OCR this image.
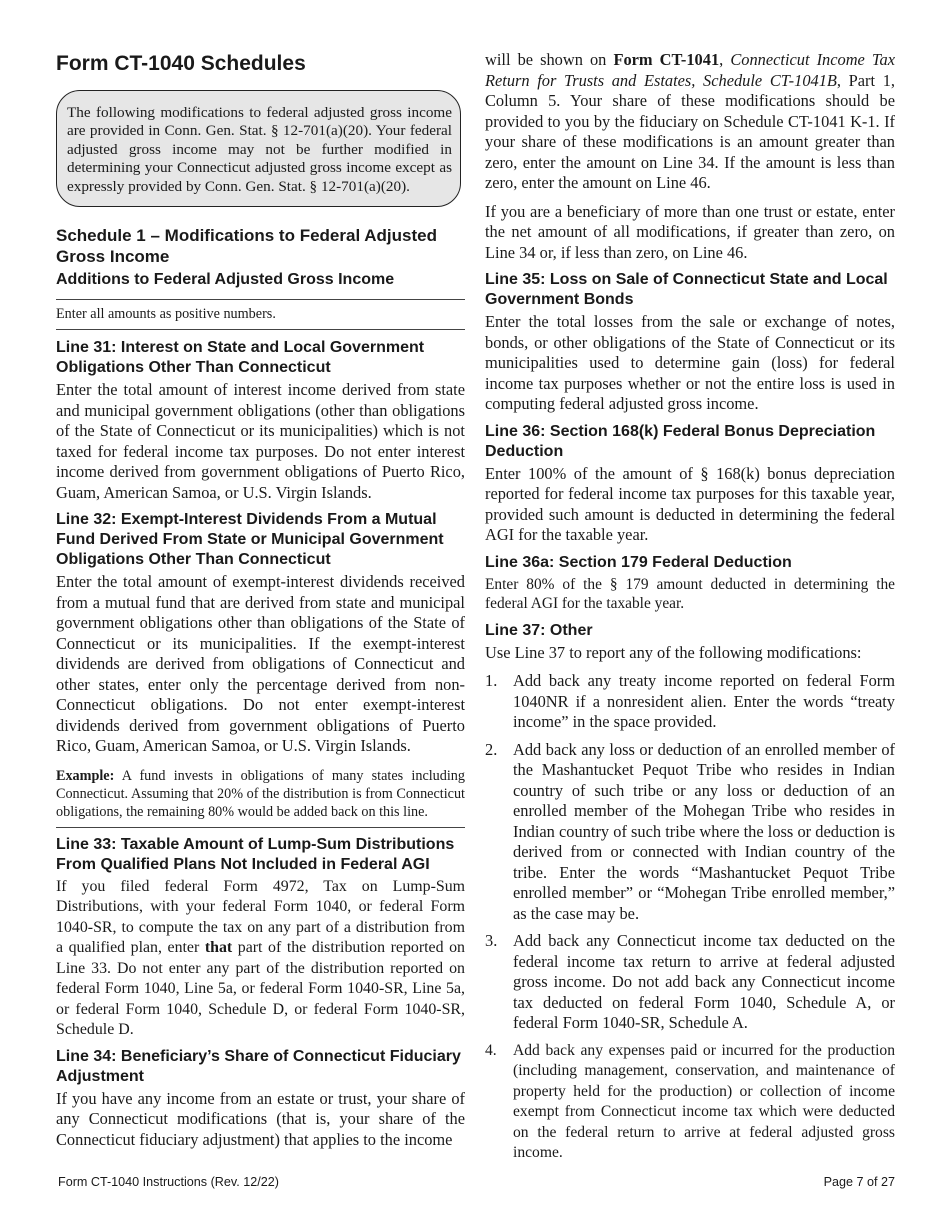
Form CT-1040 Schedules
The following modifications to federal adjusted gross income are provided in Conn. Gen. Stat. § 12-701(a)(20). Your federal adjusted gross income may not be further modified in determining your Connecticut adjusted gross income except as expressly provided by Conn. Gen. Stat. § 12-701(a)(20).
Schedule 1 – Modifications to Federal Adjusted Gross Income
Additions to Federal Adjusted Gross Income
Enter all amounts as positive numbers.
Line 31: Interest on State and Local Government Obligations Other Than Connecticut

Enter the total amount of interest income derived from state and municipal government obligations (other than obligations of the State of Connecticut or its municipalities) which is not taxed for federal income tax purposes. Do not enter interest income derived from government obligations of Puerto Rico, Guam, American Samoa, or U.S. Virgin Islands.

Line 32: Exempt-Interest Dividends From a Mutual Fund Derived From State or Municipal Government Obligations Other Than Connecticut

Enter the total amount of exempt-interest dividends received from a mutual fund that are derived from state and municipal government obligations other than obligations of the State of Connecticut or its municipalities. If the exempt-interest dividends are derived from obligations of Connecticut and other states, enter only the percentage derived from non-Connecticut obligations. Do not enter exempt-interest dividends derived from government obligations of Puerto Rico, Guam, American Samoa, or U.S. Virgin Islands.

Example: A fund invests in obligations of many states including Connecticut. Assuming that 20% of the distribution is from Connecticut obligations, the remaining 80% would be added back on this line.
Line 33: Taxable Amount of Lump-Sum Distributions From Qualified Plans Not Included in Federal AGI

If you filed federal Form 4972, Tax on Lump-Sum Distributions, with your federal Form 1040, or federal Form 1040-SR, to compute the tax on any part of a distribution from a qualified plan, enter that part of the distribution reported on Line 33. Do not enter any part of the distribution reported on federal Form 1040, Line 5a, or federal Form 1040-SR, Line 5a, or federal Form 1040, Schedule D, or federal Form 1040-SR, Schedule D.

Line 34: Beneficiary’s Share of Connecticut Fiduciary Adjustment

If you have any income from an estate or trust, your share of any Connecticut modifications (that is, your share of the Connecticut fiduciary adjustment) that applies to the income

Form CT-1040 Instructions (Rev. 12/22)

will be shown on Form CT-1041, Connecticut Income Tax Return for Trusts and Estates, Schedule CT-1041B, Part 1, Column 5. Your share of these modifications should be provided to you by the fiduciary on Schedule CT-1041 K-1. If your share of these modifications is an amount greater than zero, enter the amount on Line 34. If the amount is less than zero, enter the amount on Line 46.

If you are a beneficiary of more than one trust or estate, enter the net amount of all modifications, if greater than zero, on Line 34 or, if less than zero, on Line 46.

Line 35: Loss on Sale of Connecticut State and Local Government Bonds

Enter the total losses from the sale or exchange of notes, bonds, or other obligations of the State of Connecticut or its municipalities used to determine gain (loss) for federal income tax purposes whether or not the entire loss is used in computing federal adjusted gross income.

Line 36: Section 168(k) Federal Bonus Depreciation Deduction

Enter 100% of the amount of § 168(k) bonus depreciation reported for federal income tax purposes for this taxable year, provided such amount is deducted in determining the federal AGI for the taxable year.

Line 36a: Section 179 Federal Deduction

Enter 80% of the § 179 amount deducted in determining the federal AGI for the taxable year.

Line 37: Other

Use Line 37 to report any of the following modifications:

1. Add back any treaty income reported on federal Form 1040NR if a nonresident alien. Enter the words “treaty income” in the space provided.
2. Add back any loss or deduction of an enrolled member of the Mashantucket Pequot Tribe who resides in Indian country of such tribe or any loss or deduction of an enrolled member of the Mohegan Tribe who resides in Indian country of such tribe where the loss or deduction is derived from or connected with Indian country of the tribe. Enter the words “Mashantucket Pequot Tribe enrolled member” or “Mohegan Tribe enrolled member,” as the case may be.
3. Add back any Connecticut income tax deducted on the federal income tax return to arrive at federal adjusted gross income. Do not add back any Connecticut income tax deducted on federal Form 1040, Schedule A, or federal Form 1040-SR, Schedule A.
4. Add back any expenses paid or incurred for the production (including management, conservation, and maintenance of property held for the production) or collection of income exempt from Connecticut income tax which were deducted on the federal return to arrive at federal adjusted gross income.
Page 7 of 27
